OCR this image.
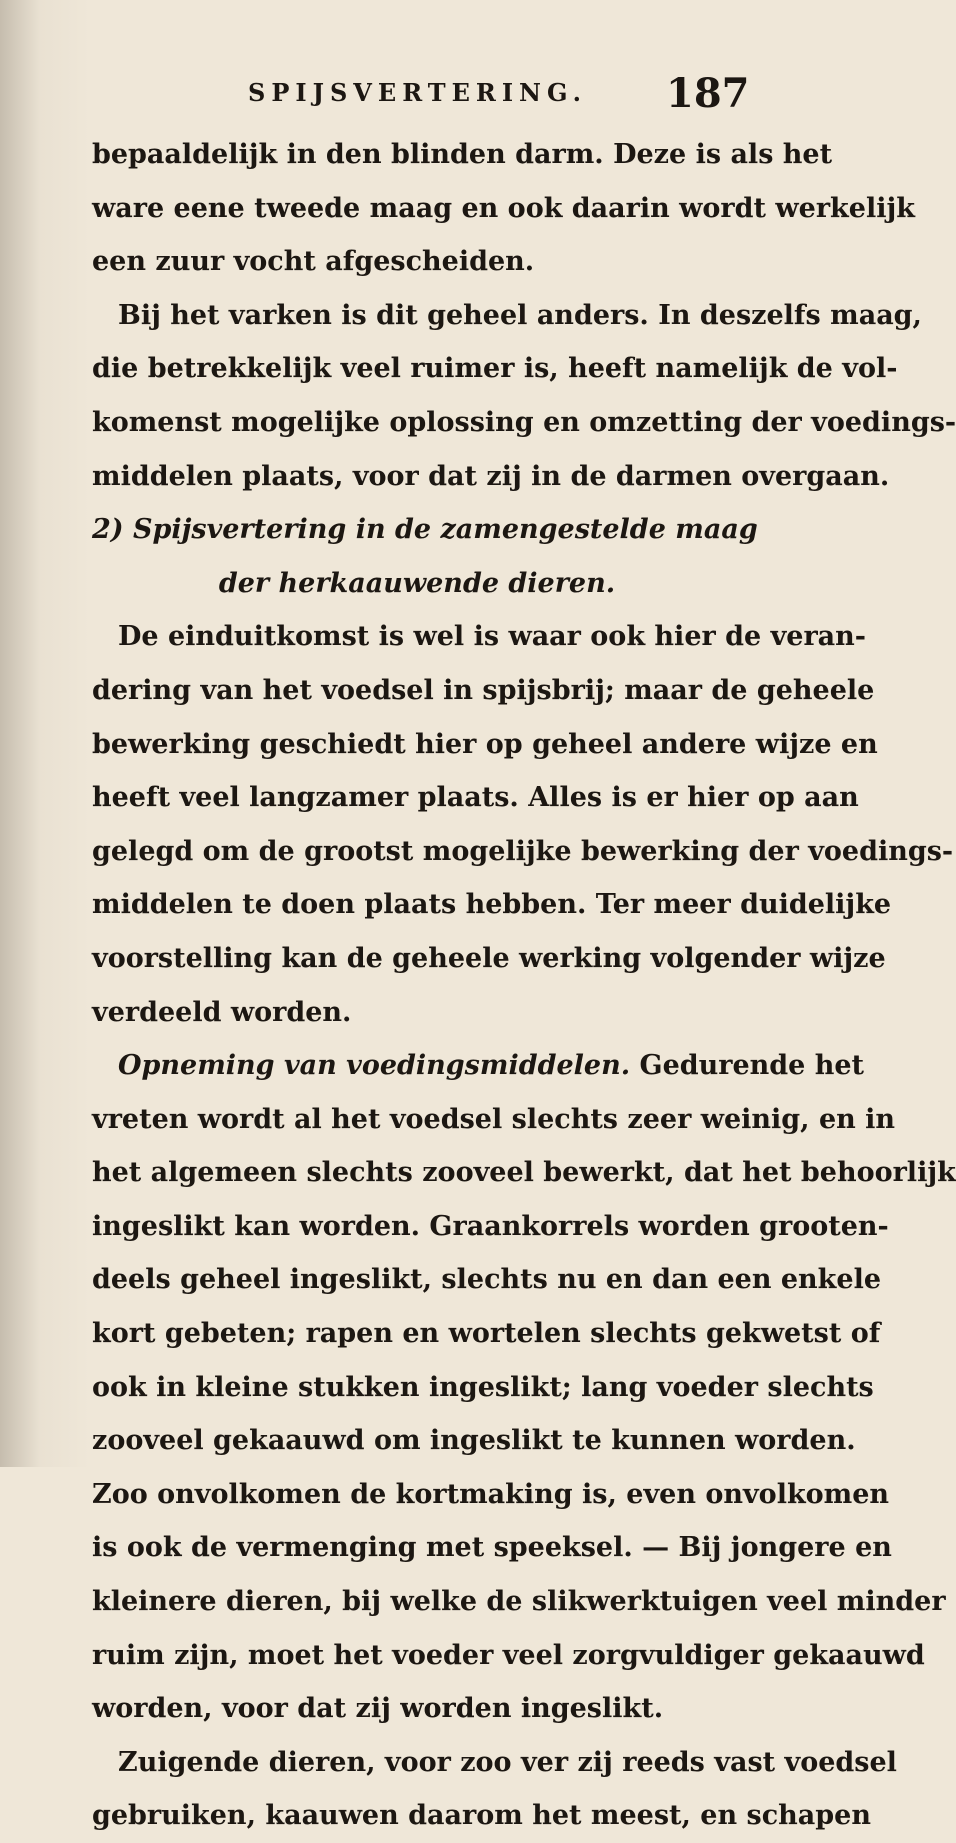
SPIJSVERTERING. 187
bepaaldelijk in den blinden darm. Deze is als het
ware eene tweede maag en ook daarin wordt werkelijk
een zuur vocht afgescheiden.
Bij het varken is dit geheel anders. In deszelfs maag,
die betrekkelijk veel ruimer is, heeft namelijk de vol-
komenst mogelijke oplossing en omzetting der voedings-
middelen plaats, voor dat zij in de darmen overgaan.
2) Spijsvertering in de zamengestelde maag
der herkaauwende dieren.
De einduitkomst is wel is waar ook hier de veran-
dering van het voedsel in spijsbrij; maar de geheele
bewerking geschiedt hier op geheel andere wijze en
heeft veel langzamer plaats. Alles is er hier op aan
gelegd om de grootst mogelijke bewerking der voedings-
middelen te doen plaats hebben. Ter meer duidelijke
voorstelling kan de geheele werking volgender wijze
verdeeld worden.
Opneming van voedingsmiddelen. Gedurende het
vreten wordt al het voedsel slechts zeer weinig, en in
het algemeen slechts zooveel bewerkt, dat het behoorlijk
ingeslikt kan worden. Graankorrels worden grooten-
deels geheel ingeslikt, slechts nu en dan een enkele
kort gebeten; rapen en wortelen slechts gekwetst of
ook in kleine stukken ingeslikt; lang voeder slechts
zooveel gekaauwd om ingeslikt te kunnen worden.
Zoo onvolkomen de kortmaking is, even onvolkomen
is ook de vermenging met speeksel. — Bij jongere en
kleinere dieren, bij welke de slikwerktuigen veel minder
ruim zijn, moet het voeder veel zorgvuldiger gekaauwd
worden, voor dat zij worden ingeslikt.
Zuigende dieren, voor zoo ver zij reeds vast voedsel
gebruiken, kaauwen daarom het meest, en schapen
